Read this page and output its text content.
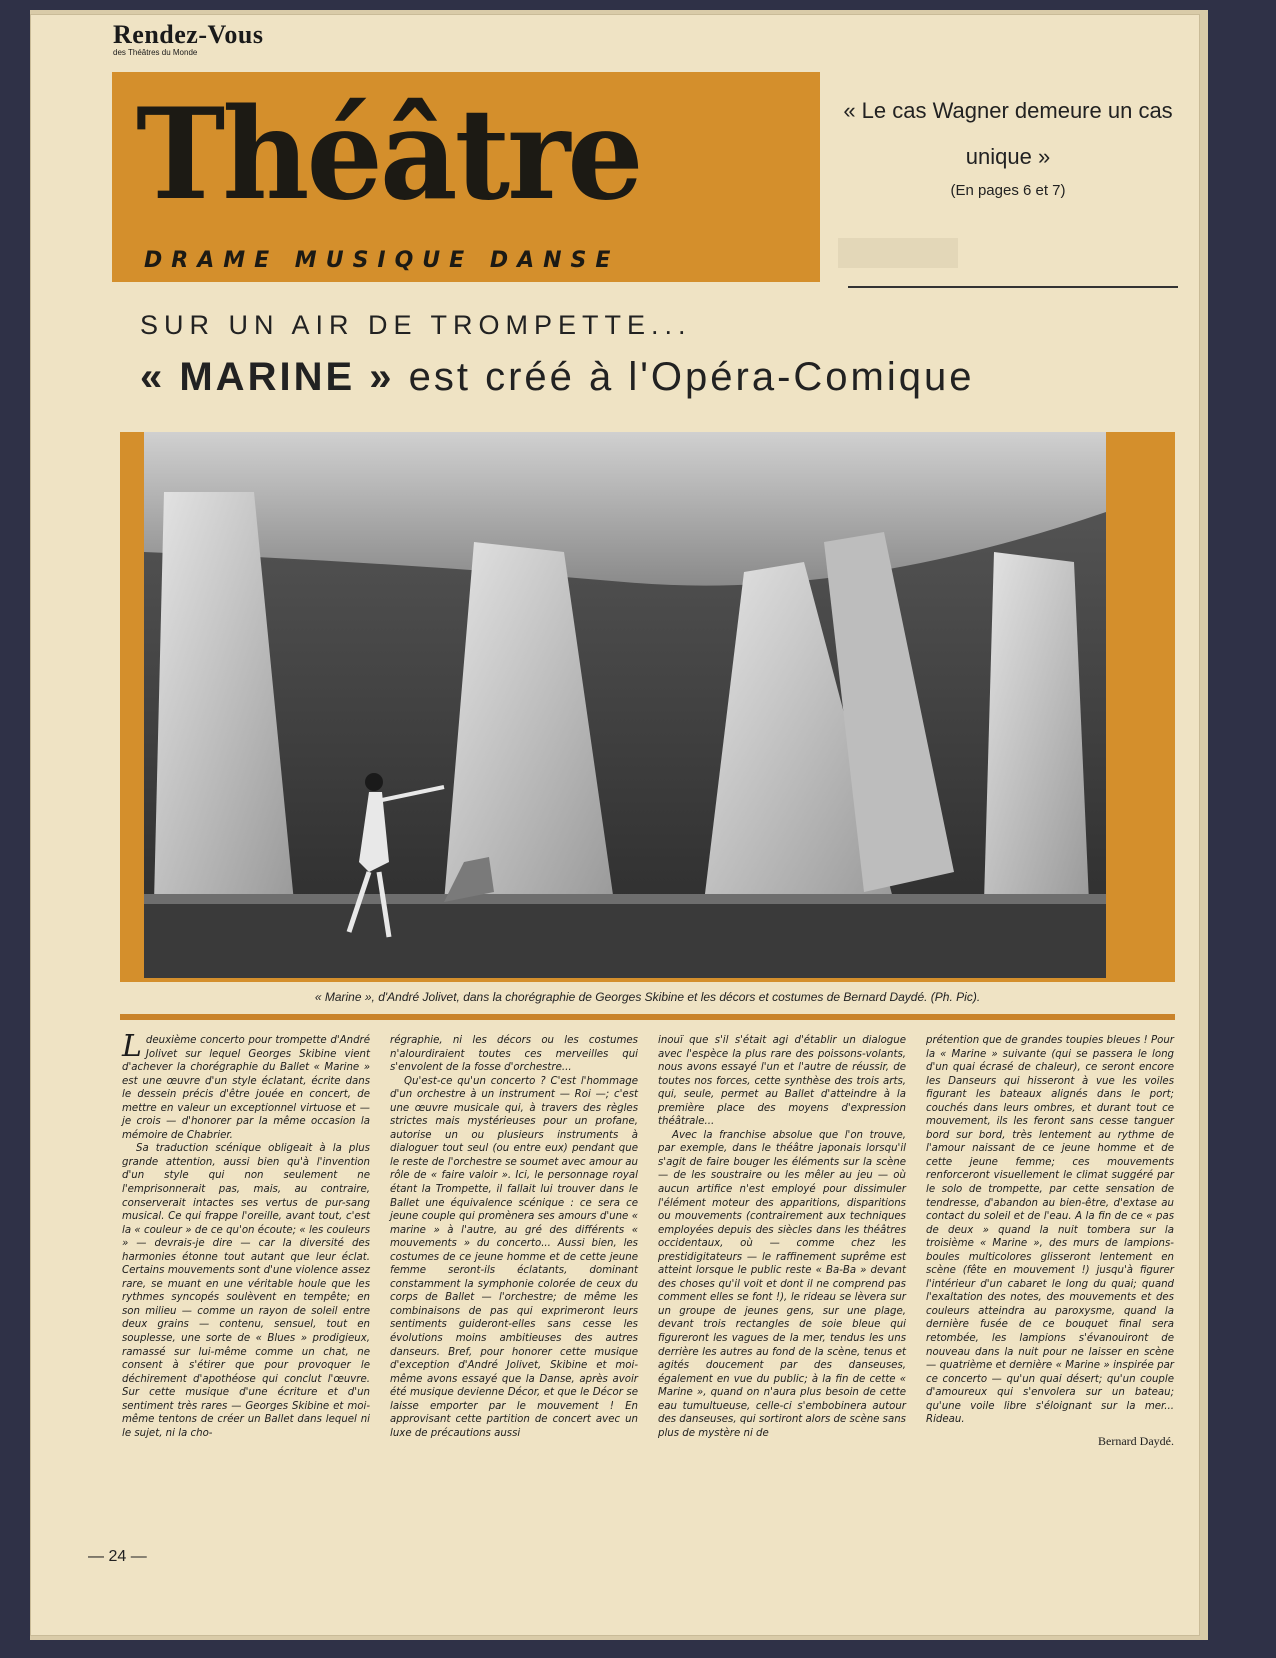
Rendez-Vous
des Théâtres du Monde
Théâtre
DRAME MUSIQUE DANSE
« Le cas Wagner demeure un cas unique »
(En pages 6 et 7)
SUR UN AIR DE TROMPETTE...
« MARINE » est créé à l'Opéra-Comique
« Marine », d'André Jolivet, dans la chorégraphie de Georges Skibine et les décors et costumes de Bernard Daydé. (Ph. Pic).

Ldeuxième concerto pour trompette d'André Jolivet sur lequel Georges Skibine vient d'achever la chorégraphie du Ballet « Marine » est une œuvre d'un style éclatant, écrite dans le dessein précis d'être jouée en concert, de mettre en valeur un exceptionnel virtuose et — je crois — d'honorer par la même occasion la mémoire de Chabrier.

Sa traduction scénique obligeait à la plus grande attention, aussi bien qu'à l'invention d'un style qui non seulement ne l'emprisonnerait pas, mais, au contraire, conserverait intactes ses vertus de pur-sang musical. Ce qui frappe l'oreille, avant tout, c'est la « couleur » de ce qu'on écoute; « les couleurs » — devrais-je dire — car la diversité des harmonies étonne tout autant que leur éclat. Certains mouvements sont d'une violence assez rare, se muant en une véritable houle que les rythmes syncopés soulèvent en tempête; en son milieu — comme un rayon de soleil entre deux grains — contenu, sensuel, tout en souplesse, une sorte de « Blues » prodigieux, ramassé sur lui-même comme un chat, ne consent à s'étirer que pour provoquer le déchirement d'apothéose qui conclut l'œuvre. Sur cette musique d'une écriture et d'un sentiment très rares — Georges Skibine et moi-même tentons de créer un Ballet dans lequel ni le sujet, ni la cho-

régraphie, ni les décors ou les costumes n'alourdiraient toutes ces merveilles qui s'envolent de la fosse d'orchestre...

Qu'est-ce qu'un concerto ? C'est l'hommage d'un orchestre à un instrument — Roi —; c'est une œuvre musicale qui, à travers des règles strictes mais mystérieuses pour un profane, autorise un ou plusieurs instruments à dialoguer tout seul (ou entre eux) pendant que le reste de l'orchestre se soumet avec amour au rôle de « faire valoir ». Ici, le personnage royal étant la Trompette, il fallait lui trouver dans le Ballet une équivalence scénique : ce sera ce jeune couple qui promènera ses amours d'une « marine » à l'autre, au gré des différents « mouvements » du concerto... Aussi bien, les costumes de ce jeune homme et de cette jeune femme seront-ils éclatants, dominant constamment la symphonie colorée de ceux du corps de Ballet — l'orchestre; de même les combinaisons de pas qui exprimeront leurs sentiments guideront-elles sans cesse les évolutions moins ambitieuses des autres danseurs. Bref, pour honorer cette musique d'exception d'André Jolivet, Skibine et moi-même avons essayé que la Danse, après avoir été musique devienne Décor, et que le Décor se laisse emporter par le mouvement ! En approvisant cette partition de concert avec un luxe de précautions aussi

inouï que s'il s'était agi d'établir un dialogue avec l'espèce la plus rare des poissons-volants, nous avons essayé l'un et l'autre de réussir, de toutes nos forces, cette synthèse des trois arts, qui, seule, permet au Ballet d'atteindre à la première place des moyens d'expression théâtrale...

Avec la franchise absolue que l'on trouve, par exemple, dans le théâtre japonais lorsqu'il s'agit de faire bouger les éléments sur la scène — de les soustraire ou les mêler au jeu — où aucun artifice n'est employé pour dissimuler l'élément moteur des apparitions, disparitions ou mouvements (contrairement aux techniques employées depuis des siècles dans les théâtres occidentaux, où — comme chez les prestidigitateurs — le raffinement suprême est atteint lorsque le public reste « Ba-Ba » devant des choses qu'il voit et dont il ne comprend pas comment elles se font !), le rideau se lèvera sur un groupe de jeunes gens, sur une plage, devant trois rectangles de soie bleue qui figureront les vagues de la mer, tendus les uns derrière les autres au fond de la scène, tenus et agités doucement par des danseuses, également en vue du public; à la fin de cette « Marine », quand on n'aura plus besoin de cette eau tumultueuse, celle-ci s'embobinera autour des danseuses, qui sortiront alors de scène sans plus de mystère ni de

prétention que de grandes toupies bleues ! Pour la « Marine » suivante (qui se passera le long d'un quai écrasé de chaleur), ce seront encore les Danseurs qui hisseront à vue les voiles figurant les bateaux alignés dans le port; couchés dans leurs ombres, et durant tout ce mouvement, ils les feront sans cesse tanguer bord sur bord, très lentement au rythme de l'amour naissant de ce jeune homme et de cette jeune femme; ces mouvements renforceront visuellement le climat suggéré par le solo de trompette, par cette sensation de tendresse, d'abandon au bien-être, d'extase au contact du soleil et de l'eau. A la fin de ce « pas de deux » quand la nuit tombera sur la troisième « Marine », des murs de lampions-boules multicolores glisseront lentement en scène (fête en mouvement !) jusqu'à figurer l'intérieur d'un cabaret le long du quai; quand l'exaltation des notes, des mouvements et des couleurs atteindra au paroxysme, quand la dernière fusée de ce bouquet final sera retombée, les lampions s'évanouiront de nouveau dans la nuit pour ne laisser en scène — quatrième et dernière « Marine » inspirée par ce concerto — qu'un quai désert; qu'un couple d'amoureux qui s'envolera sur un bateau; qu'une voile libre s'éloignant sur la mer... Rideau.

Bernard Daydé.
— 24 —
